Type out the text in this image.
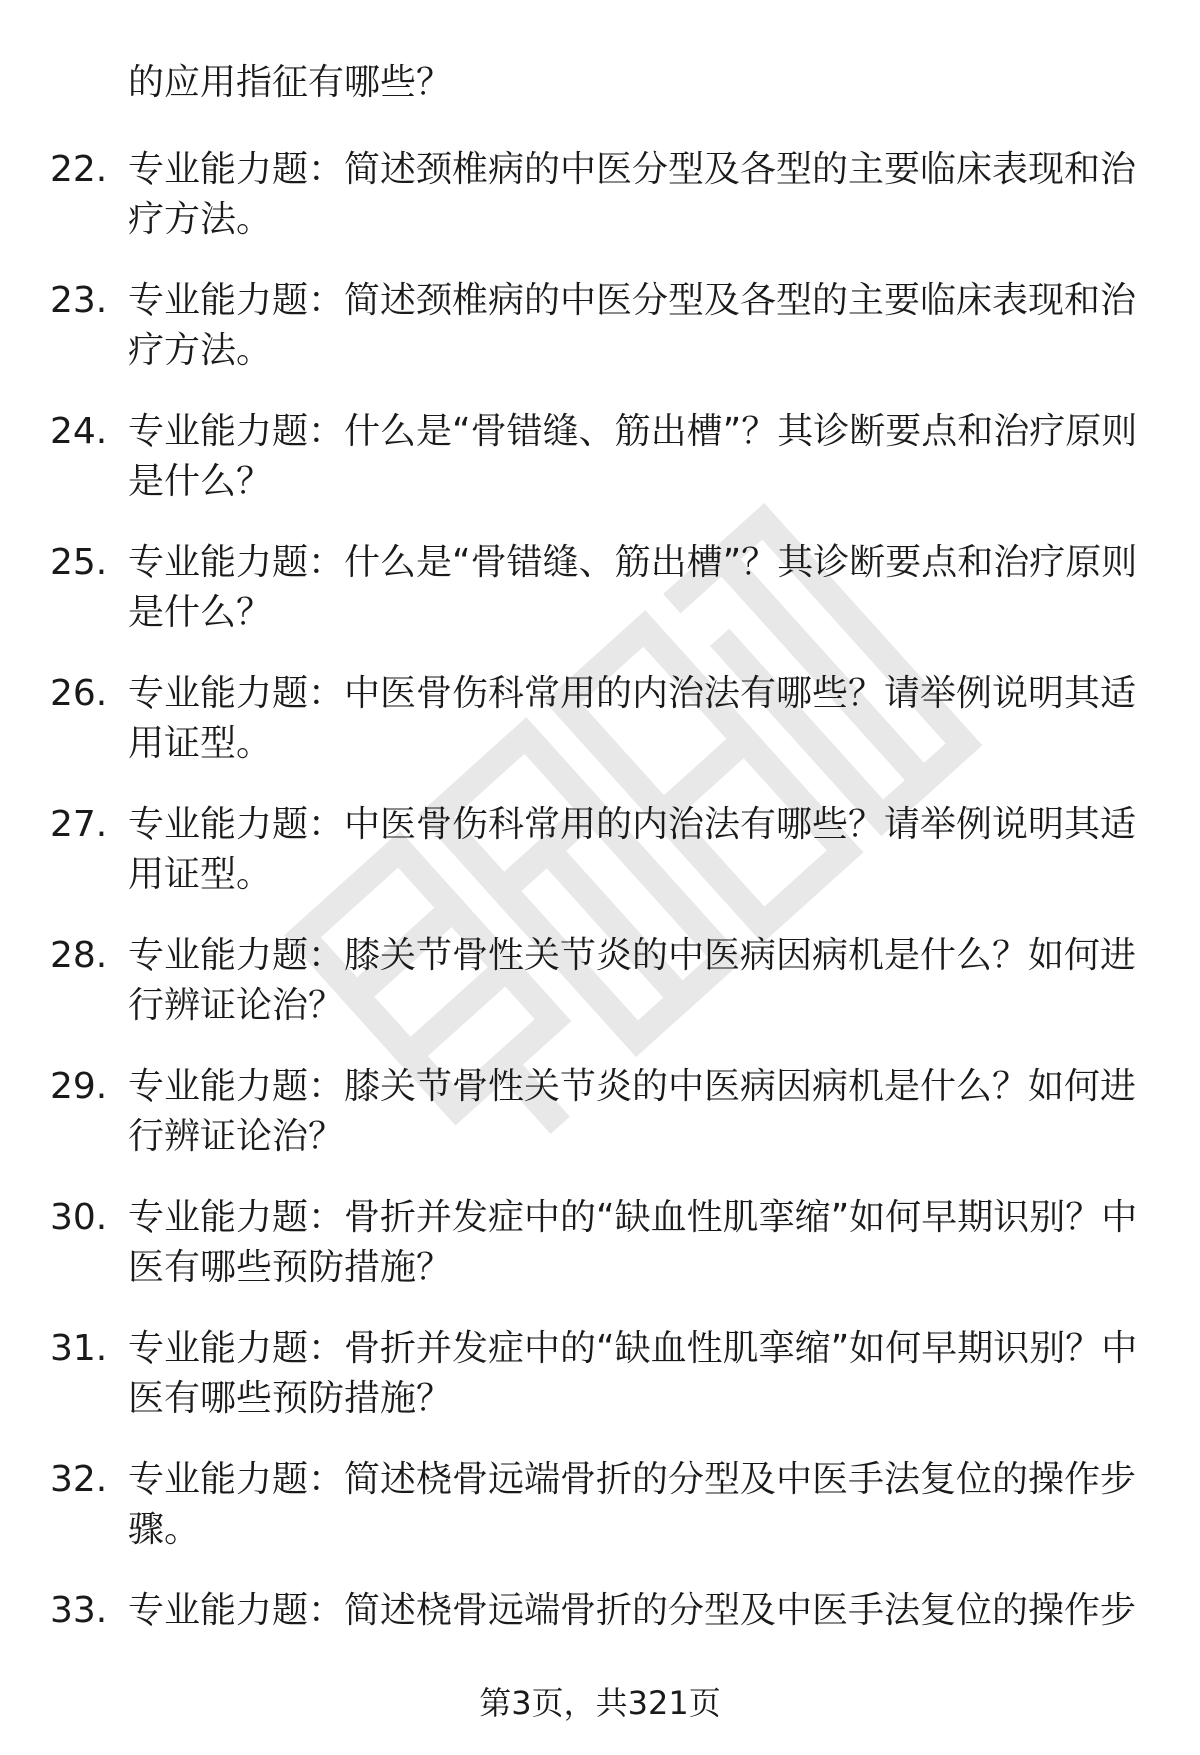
的应用指征有哪些？
22. 专业能力题：简述颈椎病的中医分型及各型的主要临床表现和治疗方法。
23. 专业能力题：简述颈椎病的中医分型及各型的主要临床表现和治疗方法。
24. 专业能力题：什么是“骨错缝、筋出槽”？其诊断要点和治疗原则是什么？
25. 专业能力题：什么是“骨错缝、筋出槽”？其诊断要点和治疗原则是什么？
26. 专业能力题：中医骨伤科常用的内治法有哪些？请举例说明其适用证型。
27. 专业能力题：中医骨伤科常用的内治法有哪些？请举例说明其适用证型。
28. 专业能力题：膝关节骨性关节炎的中医病因病机是什么？如何进行辨证论治？
29. 专业能力题：膝关节骨性关节炎的中医病因病机是什么？如何进行辨证论治？
30. 专业能力题：骨折并发症中的“缺血性肌挛缩”如何早期识别？中医有哪些预防措施？
31. 专业能力题：骨折并发症中的“缺血性肌挛缩”如何早期识别？中医有哪些预防措施？
32. 专业能力题：简述桡骨远端骨折的分型及中医手法复位的操作步骤。
33. 专业能力题：简述桡骨远端骨折的分型及中医手法复位的操作步
第3页，共321页
